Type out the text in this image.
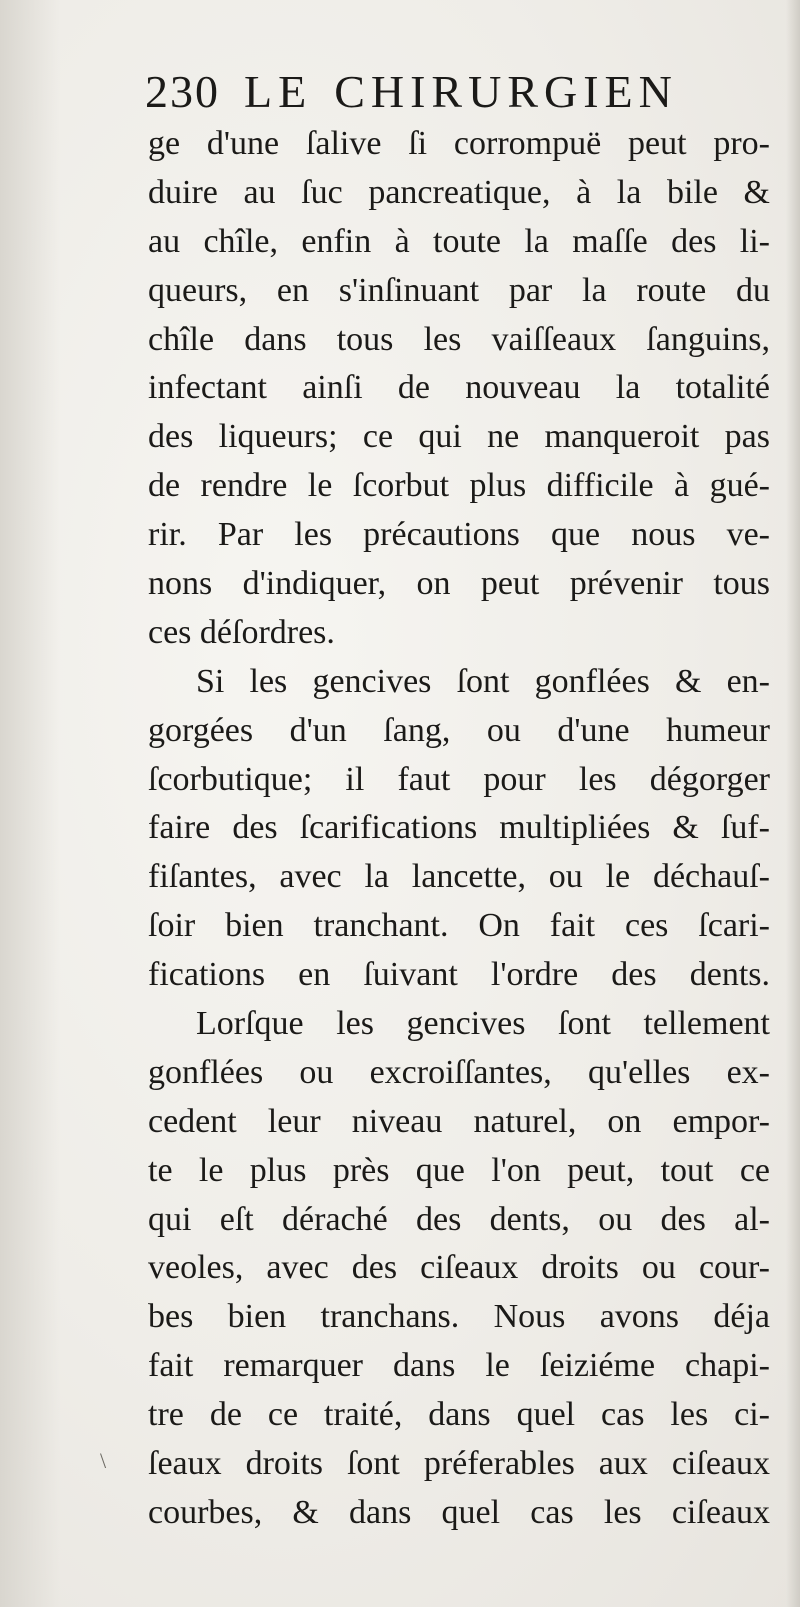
230 LE CHIRURGIEN
ge d'une ſalive ſi corrompuë peut pro-
duire au ſuc pancreatique, à la bile &
au chîle, enfin à toute la maſſe des li-
queurs, en s'inſinuant par la route du
chîle dans tous les vaiſſeaux ſanguins,
infectant ainſi de nouveau la totalité
des liqueurs; ce qui ne manqueroit pas
de rendre le ſcorbut plus difficile à gué-
rir. Par les précautions que nous ve-
nons d'indiquer, on peut prévenir tous
ces déſordres.
Si les gencives ſont gonflées & en-
gorgées d'un ſang, ou d'une humeur
ſcorbutique; il faut pour les dégorger
faire des ſcarifications multipliées & ſuf-
fiſantes, avec la lancette, ou le déchauſ-
ſoir bien tranchant. On fait ces ſcari-
fications en ſuivant l'ordre des dents.
Lorſque les gencives ſont tellement
gonflées ou excroiſſantes, qu'elles ex-
cedent leur niveau naturel, on empor-
te le plus près que l'on peut, tout ce
qui eſt déraché des dents, ou des al-
veoles, avec des ciſeaux droits ou cour-
bes bien tranchans. Nous avons déja
fait remarquer dans le ſeiziéme chapi-
tre de ce traité, dans quel cas les ci-
ſeaux droits ſont préferables aux ciſeaux
courbes, & dans quel cas les ciſeaux
\
